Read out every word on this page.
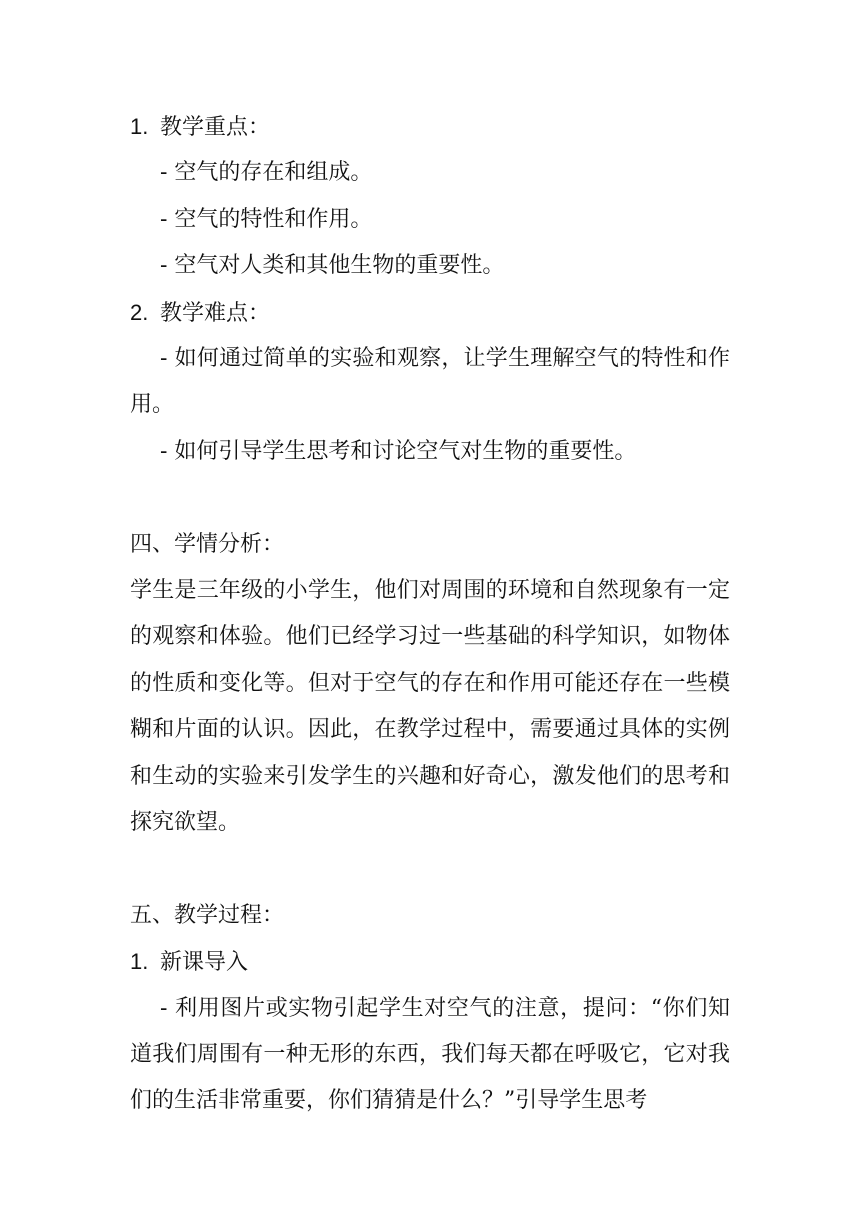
1. 教学重点：
- 空气的存在和组成。
- 空气的特性和作用。
- 空气对人类和其他生物的重要性。
2. 教学难点：
- 如何通过简单的实验和观察，让学生理解空气的特性和作用。
- 如何引导学生思考和讨论空气对生物的重要性。
四、学情分析：
学生是三年级的小学生，他们对周围的环境和自然现象有一定的观察和体验。他们已经学习过一些基础的科学知识，如物体的性质和变化等。但对于空气的存在和作用可能还存在一些模糊和片面的认识。因此，在教学过程中，需要通过具体的实例和生动的实验来引发学生的兴趣和好奇心，激发他们的思考和探究欲望。
五、教学过程：
1. 新课导入
- 利用图片或实物引起学生对空气的注意，提问：“你们知道我们周围有一种无形的东西，我们每天都在呼吸它，它对我们的生活非常重要，你们猜猜是什么？”引导学生思考
